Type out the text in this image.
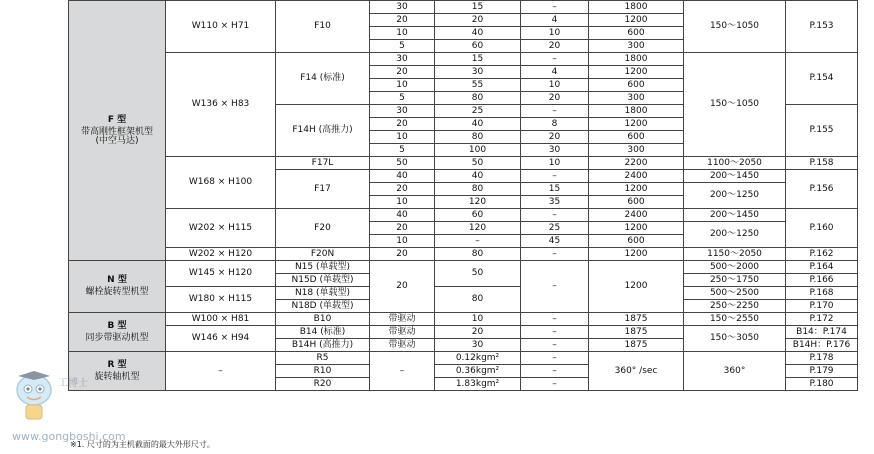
F 型
带高刚性框架机型
(中空马达)	W110 × H71	F10	30	15	–	1800	150～1050	P.153
			20	20	4	1200		
			10	40	10	600		
			5	60	20	300		
	W136 × H83	F14 (标准)	30	15	–	1800	150～1050	P.154
			20	30	4	1200		
			10	55	10	600		
			5	80	20	300		
		F14H (高推力)	30	25	–	1800		P.155
			20	40	8	1200		
			10	80	20	600		
			5	100	30	300		
	W168 × H100	F17L	50	50	10	2200	1100～2050	P.158
		F17	40	40	–	2400	200～1450	P.156
			20	80	15	1200	200～1250	
			10	120	35	600		
	W202 × H115	F20	40	60	–	2400	200～1450	P.160
			20	120	25	1200	200～1250	
			10	–	45	600		
	W202 × H120	F20N	20	80	–	1200	1150～2050	P.162

N 型
螺栓旋转型机型	W145 × H120	N15 (单载型)	20	50	–	1200	500～2000	P.164
		N15D (单载型)					250～1750	P.166
	W180 × H115	N18 (单载型)		80			500～2500	P.168
		N18D (单载型)					250～2250	P.170

B 型
同步带驱动机型	W100 × H81	B10	带驱动	10	–	1875	150～2550	P.172
	W146 × H94	B14 (标准)	带驱动	20	–	1875	150～3050	B14：P.174
		B14H (高推力)	带驱动	30	–	1875		B14H：P.176

R 型
旋转轴机型	–	R5	–	0.12kgm²	–	360° /sec	360°	P.178
		R10		0.36kgm²	–			P.179
		R20		1.83kgm²	–			P.180
※1. 尺寸的为主机截面的最大外形尺寸。
工博士
www.gongboshi.com
